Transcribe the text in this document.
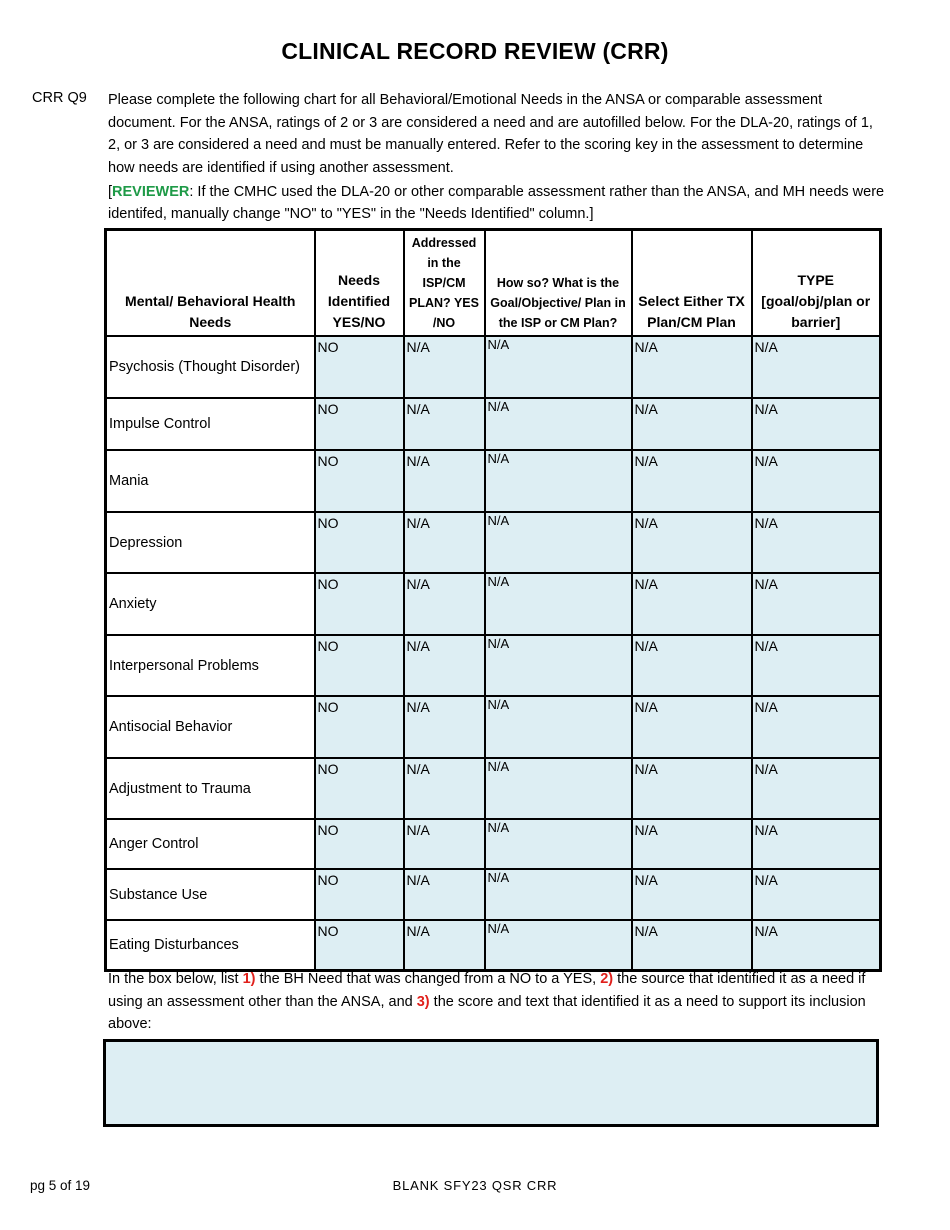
CLINICAL RECORD REVIEW (CRR)
CRR Q9 Please complete the following chart for all Behavioral/Emotional Needs in the ANSA or comparable assessment document. For the ANSA, ratings of 2 or 3 are considered a need and are autofilled below. For the DLA-20, ratings of 1, 2, or 3 are considered a need and must be manually entered. Refer to the scoring key in the assessment to determine how needs are identified if using another assessment.
[REVIEWER: If the CMHC used the DLA-20 or other comparable assessment rather than the ANSA, and MH needs were identifed, manually change "NO" to "YES" in the "Needs Identified" column.]
Mental/ Behavioral Health Needs	Needs Identified YES/NO	Addressed in the ISP/CM PLAN? YES /NO	How so? What is the Goal/Objective/ Plan in the ISP or CM Plan?	Select Either TX Plan/CM Plan	TYPE [goal/obj/plan or barrier]
Psychosis (Thought Disorder)	NO	N/A	N/A	N/A	N/A
Impulse Control	NO	N/A	N/A	N/A	N/A
Mania	NO	N/A	N/A	N/A	N/A
Depression	NO	N/A	N/A	N/A	N/A
Anxiety	NO	N/A	N/A	N/A	N/A
Interpersonal Problems	NO	N/A	N/A	N/A	N/A
Antisocial Behavior	NO	N/A	N/A	N/A	N/A
Adjustment to Trauma	NO	N/A	N/A	N/A	N/A
Anger Control	NO	N/A	N/A	N/A	N/A
Substance Use	NO	N/A	N/A	N/A	N/A
Eating Disturbances	NO	N/A	N/A	N/A	N/A
In the box below, list 1) the BH Need that was changed from a NO to a YES, 2) the source that identified it as a need if using an assessment other than the ANSA, and 3) the score and text that identified it as a need to support its inclusion above:
pg 5 of 19	BLANK SFY23 QSR CRR
